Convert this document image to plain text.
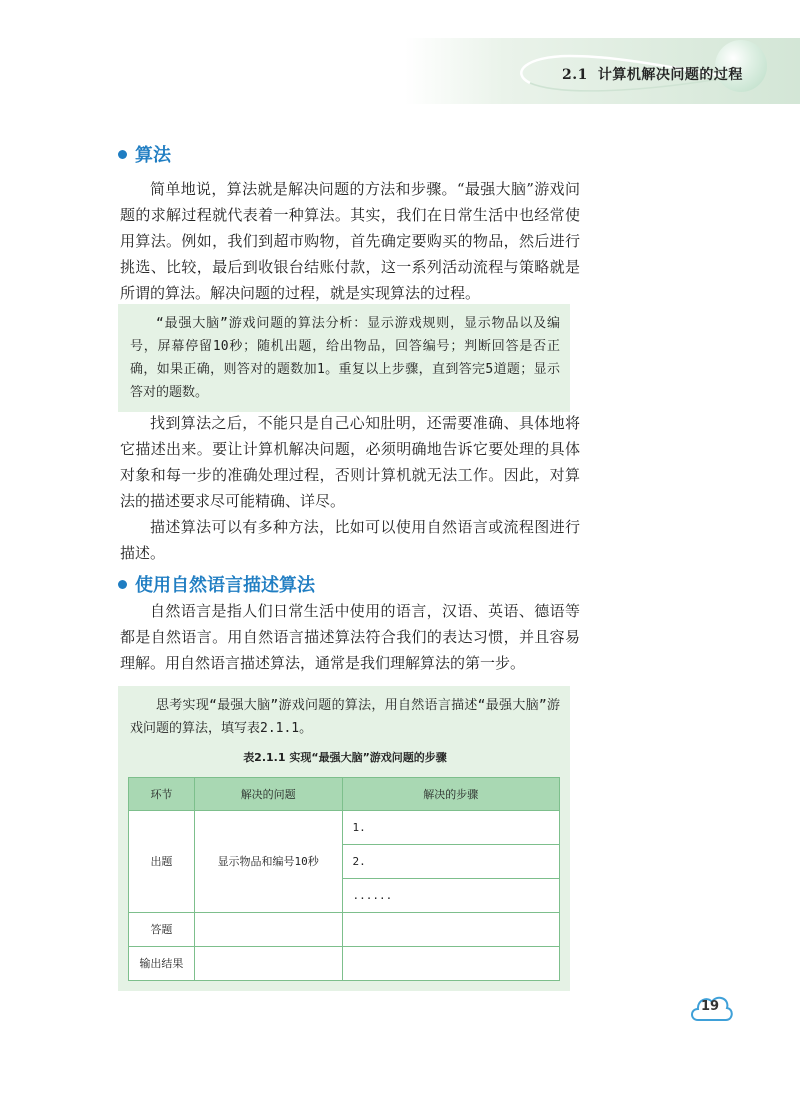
2.1 计算机解决问题的过程
算法

简单地说，算法就是解决问题的方法和步骤。“最强大脑”游戏问题的求解过程就代表着一种算法。其实，我们在日常生活中也经常使用算法。例如，我们到超市购物，首先确定要购买的物品，然后进行挑选、比较，最后到收银台结账付款，这一系列活动流程与策略就是所谓的算法。解决问题的过程，就是实现算法的过程。

“最强大脑”游戏问题的算法分析：显示游戏规则，显示物品以及编号，屏幕停留10秒；随机出题，给出物品，回答编号；判断回答是否正确，如果正确，则答对的题数加1。重复以上步骤，直到答完5道题；显示答对的题数。

找到算法之后，不能只是自己心知肚明，还需要准确、具体地将它描述出来。要让计算机解决问题，必须明确地告诉它要处理的具体对象和每一步的准确处理过程，否则计算机就无法工作。因此，对算法的描述要求尽可能精确、详尽。

描述算法可以有多种方法，比如可以使用自然语言或流程图进行描述。

使用自然语言描述算法

自然语言是指人们日常生活中使用的语言，汉语、英语、德语等都是自然语言。用自然语言描述算法符合我们的表达习惯，并且容易理解。用自然语言描述算法，通常是我们理解算法的第一步。

思考实现“最强大脑”游戏问题的算法，用自然语言描述“最强大脑”游戏问题的算法，填写表2.1.1。

表2.1.1 实现“最强大脑”游戏问题的步骤
环节	解决的问题	解决的步骤
出题	显示物品和编号10秒	1.
		2.
		......
答题		
输出结果		
19
